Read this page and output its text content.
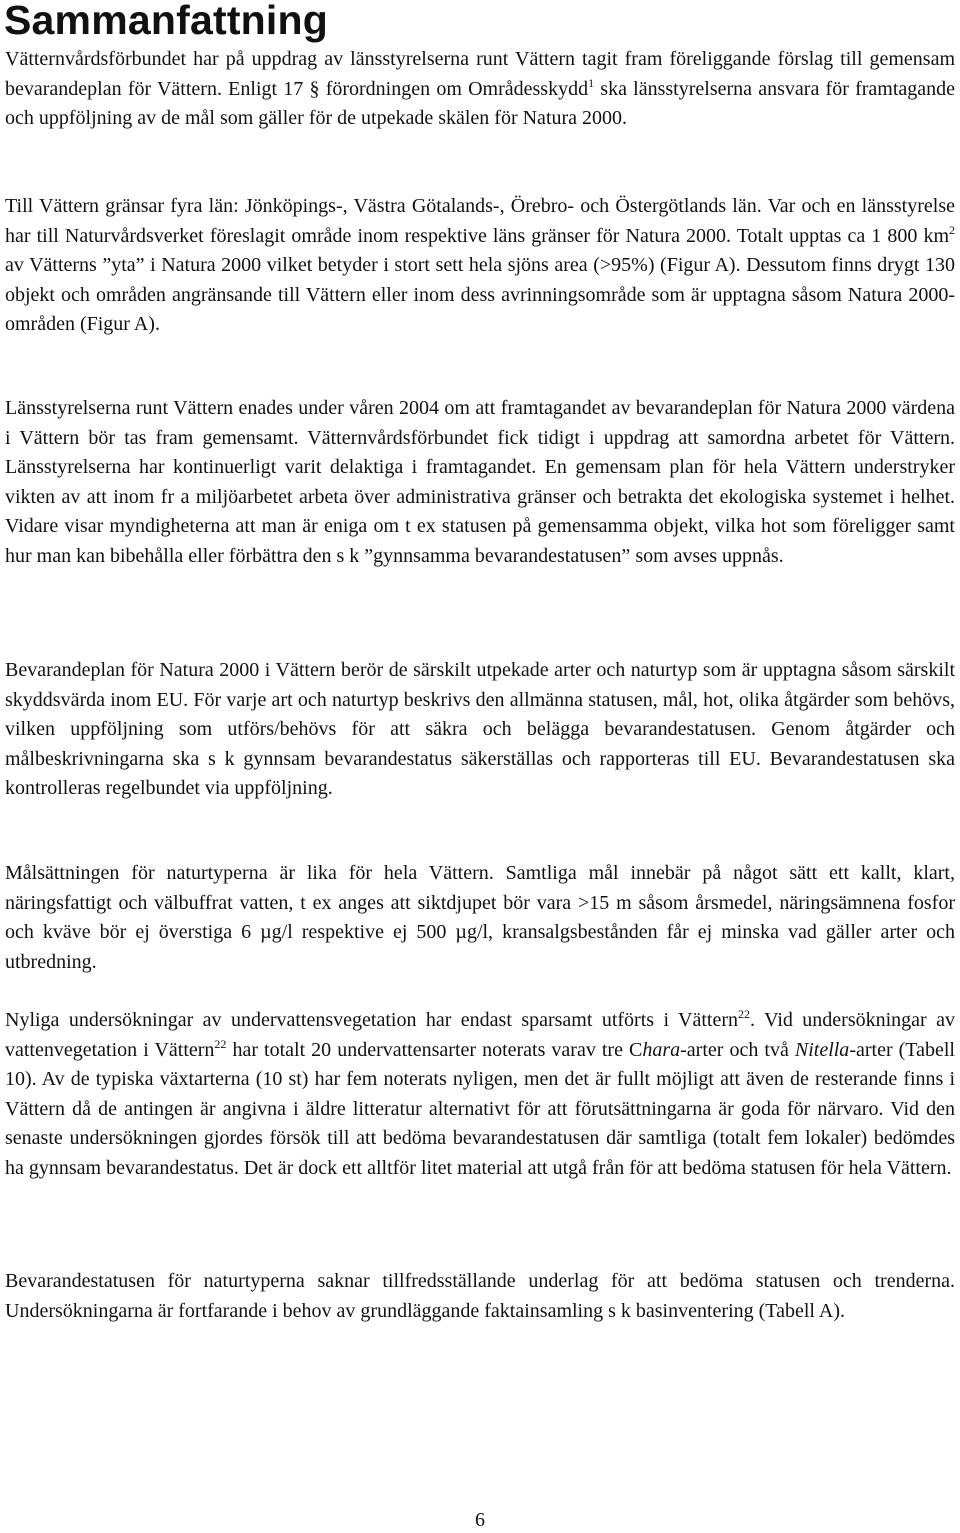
Sammanfattning

Vätternvårdsförbundet har på uppdrag av länsstyrelserna runt Vättern tagit fram föreliggande förslag till gemensam bevarandeplan för Vättern. Enligt 17 § förordningen om Områdesskydd$^1$ ska länsstyrelserna ansvara för framtagande och uppföljning av de mål som gäller för de utpekade skälen för Natura 2000.

Till Vättern gränsar fyra län: Jönköpings-, Västra Götalands-, Örebro- och Östergötlands län. Var och en länsstyrelse har till Naturvårdsverket föreslagit område inom respektive läns gränser för Natura 2000. Totalt upptas ca 1 800 $km^2$ av Vätterns ”yta” i Natura 2000 vilket betyder i stort sett hela sjöns area (>95%) (Figur A). Dessutom finns drygt 130 objekt och områden angränsande till Vättern eller inom dess avrinningsområde som är upptagna såsom Natura 2000-områden (Figur A).

Länsstyrelserna runt Vättern enades under våren 2004 om att framtagandet av bevarandeplan för Natura 2000 värdena i Vättern bör tas fram gemensamt. Vätternvårdsförbundet fick tidigt i uppdrag att samordna arbetet för Vättern. Länsstyrelserna har kontinuerligt varit delaktiga i framtagandet. En gemensam plan för hela Vättern understryker vikten av att inom fr a miljöarbetet arbeta över administrativa gränser och betrakta det ekologiska systemet i helhet. Vidare visar myndigheterna att man är eniga om t ex statusen på gemensamma objekt, vilka hot som föreligger samt hur man kan bibehålla eller förbättra den s k ”gynnsamma bevarandestatusen” som avses uppnås.

Bevarandeplan för Natura 2000 i Vättern berör de särskilt utpekade arter och naturtyp som är upptagna såsom särskilt skyddsvärda inom EU. För varje art och naturtyp beskrivs den allmänna statusen, mål, hot, olika åtgärder som behövs, vilken uppföljning som utförs/behövs för att säkra och belägga bevarandestatusen. Genom åtgärder och målbeskrivningarna ska s k gynnsam bevarandestatus säkerställas och rapporteras till EU. Bevarandestatusen ska kontrolleras regelbundet via uppföljning.

Målsättningen för naturtyperna är lika för hela Vättern. Samtliga mål innebär på något sätt ett kallt, klart, näringsfattigt och välbuffrat vatten, t ex anges att siktdjupet bör vara >15 m såsom årsmedel, näringsämnena fosfor och kväve bör ej överstiga 6 µg/l respektive ej 500 µg/l, kransalgsbestånden får ej minska vad gäller arter och utbredning.

Nyliga undersökningar av undervattensvegetation har endast sparsamt utförts i Vättern$^{22}$. Vid undersökningar av vattenvegetation i Vättern$^{22}$ har totalt 20 undervattensarter noterats varav tre Chara-arter och två Nitella-arter (Tabell 10). Av de typiska växtarterna (10 st) har fem noterats nyligen, men det är fullt möjligt att även de resterande finns i Vättern då de antingen är angivna i äldre litteratur alternativt för att förutsättningarna är goda för närvaro. Vid den senaste undersökningen gjordes försök till att bedöma bevarandestatusen där samtliga (totalt fem lokaler) bedömdes ha gynnsam bevarandestatus. Det är dock ett alltför litet material att utgå från för att bedöma statusen för hela Vättern.

Bevarandestatusen för naturtyperna saknar tillfredsställande underlag för att bedöma statusen och trenderna. Undersökningarna är fortfarande i behov av grundläggande faktainsamling s k basinventering (Tabell A).

6
